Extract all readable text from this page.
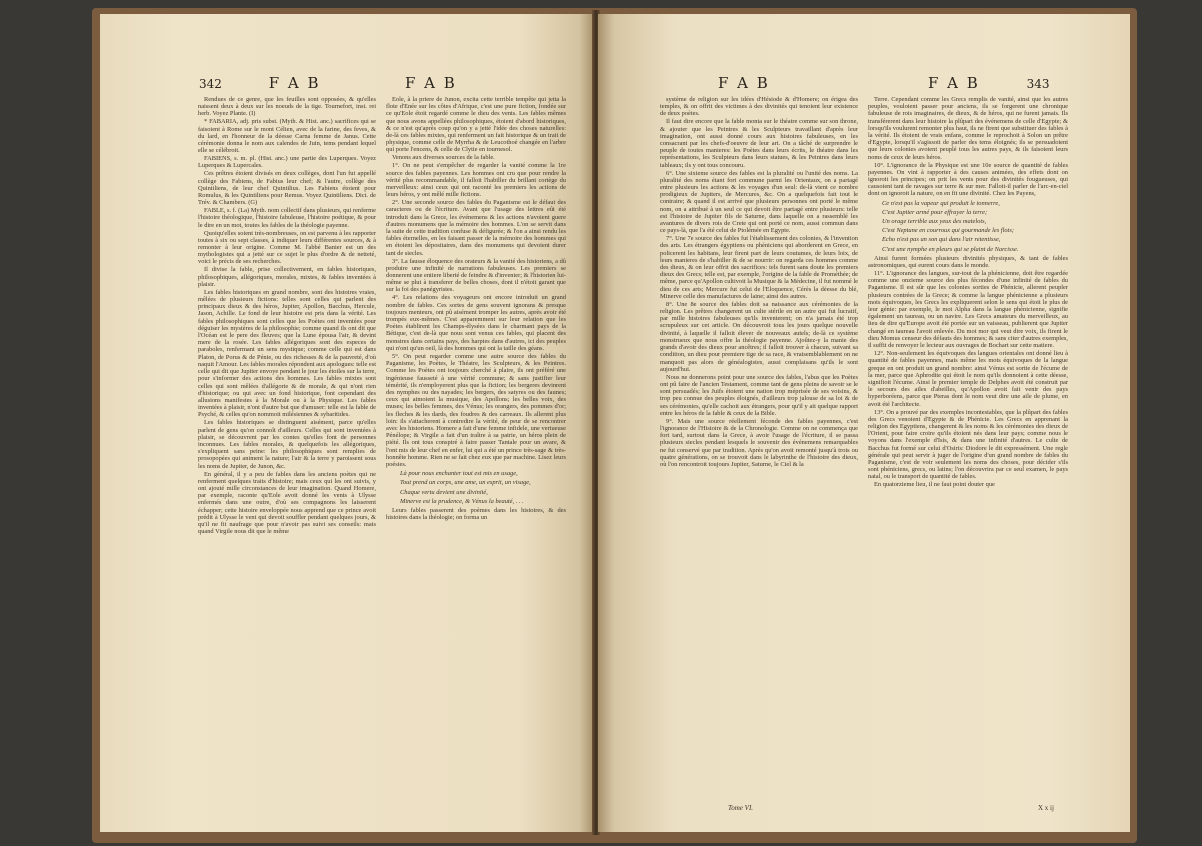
342	F A B	F A B

Rendues de ce genre, que les feuilles sont opposées, & qu'elles naissent deux à deux sur les noeuds de la tige. Tournefort, inst. rei herb. Voyez Plante. (I)

* FABARIA, adj. pris subst. (Myth. & Hist. anc.) sacrifices qui se faisoient à Rome sur le mont Célien, avec de la farine, des feves, & du lard, en l'honneur de la déesse Carna femme de Janus. Cette cérémonie donna le nom aux calendes de Juin, tems pendant lequel elle se célébroit.

FABIENS, s. m. pl. (Hist. anc.) une partie des Luperques. Voyez Luperques & Lupercales.

Ces prêtres étoient divisés en deux collèges, dont l'un fut appellé collège des Fabiens, de Fabius leur chef; & l'autre, collège des Quintiliens, de leur chef Quintilius. Les Fabiens étoient pour Romulus, & les Quintiliens pour Remus. Voyez Quintiliens. Dict. de Trév. & Chambers. (G)

FABLE, s. f. (La) Myth. nom collectif dans plusieurs, qui renferme l'histoire théologique, l'histoire fabuleuse, l'histoire poétique, & pour le dire en un mot, toutes les fables de la théologie payenne.

Quoiqu'elles soient très-nombreuses, on est parvenu à les rapporter toutes à six ou sept classes, à indiquer leurs différentes sources, & à remonter à leur origine. Comme M. l'abbé Banier est un des mythologistes qui a jetté sur ce sujet le plus d'ordre & de netteté, voici le précis de ses recherches.

Il divise la fable, prise collectivement, en fables historiques, philosophiques, allégoriques, morales, mixtes, & fables inventées à plaisir.

Les fables historiques en grand nombre, sont des histoires vraies, mêlées de plusieurs fictions: telles sont celles qui parlent des principaux dieux & des héros, Jupiter, Apollon, Bacchus, Hercule, Jason, Achille. Le fond de leur histoire est pris dans la vérité. Les fables philosophiques sont celles que les Poètes ont inventées pour déguiser les mystères de la philosophie; comme quand ils ont dit que l'Océan est le pere des fleuves; que la Lune épousa l'air, & devint mere de la rosée. Les fables allégoriques sont des especes de paraboles, renfermant un sens mystique; comme celle qui est dans Platon, de Porus & de Pénie, ou des richesses & de la pauvreté, d'où naquit l'Amour. Les fables morales répondent aux apologues: telle est celle qui dit que Jupiter envoye pendant le jour les étoiles sur la terre, pour s'informer des actions des hommes. Les fables mixtes sont celles qui sont mêlées d'allégorie & de morale, & qui n'ont rien d'historique; ou qui avec un fond historique, font cependant des allusions manifestes à la Morale ou à la Physique. Les fables inventées à plaisir, n'ont d'autre but que d'amuser: telle est la fable de Psyché, & celles qu'on nommoit milésiennes & sybaritides.

Les fables historiques se distinguent aisément, parce qu'elles parlent de gens qu'on connoît d'ailleurs. Celles qui sont inventées à plaisir, se découvrent par les contes qu'elles font de personnes inconnues. Les fables morales, & quelquefois les allégoriques, s'expliquent sans peine: les philosophiques sont remplies de prosopopées qui animent la nature; l'air & la terre y paroissent sous les noms de Jupiter, de Junon, &c.

En général, il y a peu de fables dans les anciens poètes qui ne renferment quelques traits d'histoire; mais ceux qui les ont suivis, y ont ajouté mille circonstances de leur imagination. Quand Homere, par exemple, raconte qu'Eole avoit donné les vents à Ulysse enfermés dans une outre, d'où ses compagnons les laisserent échapper; cette histoire enveloppée nous apprend que ce prince avoit prédit à Ulysse le vent qui devoit souffler pendant quelques jours, & qu'il ne fit naufrage que pour n'avoir pas suivi ses conseils: mais quand Virgile nous dit que le même

Eole, à la priere de Junon, excita cette terrible tempête qui jetta la flote d'Enée sur les côtes d'Afrique, c'est une pure fiction, fondée sur ce qu'Eole étoit regardé comme le dieu des vents. Les fables mêmes que nous avons appellées philosophiques, étoient d'abord historiques, & ce n'est qu'après coup qu'on y a jetté l'idée des choses naturelles: de-là ces fables mixtes, qui renferment un fait historique & un trait de physique, comme celle de Myrrha & de Leucothoé changée en l'arbre qui porte l'encens, & celle de Clytie en tournesol.

Venons aux diverses sources de la fable.

1°. On ne peut s'empêcher de regarder la vanité comme la 1re source des fables payennes. Les hommes ont cru que pour rendre la vérité plus recommandable, il falloit l'habiller du brillant cortège du merveilleux: ainsi ceux qui ont raconté les premiers les actions de leurs héros, y ont mêlé mille fictions.

2°. Une seconde source des fables du Paganisme est le défaut des caracteres ou de l'écriture. Avant que l'usage des lettres eût été introduit dans la Grece, les événemens & les actions n'avoient guere d'autres monumens que la mémoire des hommes. L'on se servit dans la suite de cette tradition confuse & défigurée; & l'on a ainsi rendu les fables éternelles, en les faisant passer de la mémoire des hommes qui en étoient les dépositaires, dans des monumens qui devoient durer tant de siecles.

3°. La fausse éloquence des orateurs & la vanité des historiens, a dû produire une infinité de narrations fabuleuses. Les premiers se donnerent une entiere liberté de feindre & d'inventer; & l'historien lui-même se plut à transferer de belles choses, dont il n'étoit garant que sur la foi des panégyristes.

4°. Les relations des voyageurs ont encore introduit un grand nombre de fables. Ces sortes de gens souvent ignorans & presque toujours menteurs, ont pû aisément tromper les autres, après avoir été trompés eux-mêmes. C'est apparemment sur leur relation que les Poètes établirent les Champs-élysées dans le charmant pays de la Bétique, c'est de-là que nous sont venus ces fables, qui placent des monstres dans certains pays, des harpies dans d'autres, ici des peuples qui n'ont qu'un oeil, là des hommes qui ont la taille des géans.

5°. On peut regarder comme une autre source des fables du Paganisme, les Poètes, le Théatre, les Sculpteurs, & les Peintres. Comme les Poètes ont toujours cherché à plaire, ils ont préféré une ingénieuse fausseté à une vérité commune; & sans justifier leur témérité, ils n'employerent plus que la fiction; les bergeres devinrent des nymphes ou des nayades; les bergers, des satyres ou des faunes; ceux qui aimoient la musique, des Apollons; les belles voix, des muses; les belles femmes, des Vénus; les orangers, des pommes d'or; les fleches & les dards, des foudres & des carreaux. Ils allerent plus loin: ils s'attacherent à contredire la vérité, de peur de se rencontrer avec les historiens. Homere a fait d'une femme infidele, une vertueuse Pénélope; & Virgile a fait d'un traître à sa patrie, un héros plein de piété. Ils ont tous conspiré à faire passer Tantale pour un avare, & l'ont mis de leur chef en enfer, lui qui a été un prince très-sage & très-honnête homme. Rien ne se fait chez eux que par machine. Lisez leurs poésies.

Là pour nous enchanter tout est mis en usage,

Tout prend un corps, une ame, un esprit, un visage,

Chaque vertu devient une divinité,

Minerve est la prudence, & Vénus la beauté, . . .

Leurs fables passerent des poèmes dans les histoires, & des histoires dans la théologie; on forma un

F A B	F A B	343

système de religion sur les idées d'Hésiode & d'Homere; on érigea des temples, & on offrit des victimes à des divinités qui tenoient leur existence de deux poètes.

Il faut dire encore que la fable monta sur le théatre comme sur son throne, & ajouter que les Peintres & les Sculpteurs travaillant d'après leur imagination, ont aussi donné cours aux histoires fabuleuses, en les consacrant par les chefs-d'oeuvre de leur art. On a tâché de surprendre le peuple de toutes manieres: les Poètes dans leurs écrits, le théatre dans les représentations, les Sculpteurs dans leurs statues, & les Peintres dans leurs tableaux; ils y ont tous concouru.

6°. Une sixieme source des fables est la pluralité ou l'unité des noms. La pluralité des noms étant fort commune parmi les Orientaux, on a partagé entre plusieurs les actions & les voyages d'un seul: de-là vient ce nombre prodigieux de Jupiters, de Mercures, &c. On a quelquefois fait tout le contraire; & quand il est arrivé que plusieurs personnes ont porté le même nom, on a attribué à un seul ce qui devoit être partagé entre plusieurs: telle est l'histoire de Jupiter fils de Saturne, dans laquelle on a rassemblé les avantures de divers rois de Crete qui ont porté ce nom, aussi commun dans ce pays-là, que l'a été celui de Ptolémée en Egypte.

7°. Une 7e source des fables fut l'établissement des colonies, & l'invention des arts. Les étrangers égyptiens ou phéniciens qui aborderent en Grece, en policerent les habitans, leur firent part de leurs coutumes, de leurs loix, de leurs manieres de s'habiller & de se nourrir: on regarda ces hommes comme des dieux, & on leur offrit des sacrifices: tels furent sans doute les premiers dieux des Grecs; telle est, par exemple, l'origine de la fable de Prométhée; de même, parce qu'Apollon cultivoit la Musique & la Médecine, il fut nommé le dieu de ces arts; Mercure fut celui de l'Eloquence, Cérès la déesse du blé, Minerve celle des manufactures de laine; ainsi des autres.

8°. Une 8e source des fables doit sa naissance aux cérémonies de la religion. Les prêtres changerent un culte stérile en un autre qui fut lucratif, par mille histoires fabuleuses qu'ils inventerent; on n'a jamais été trop scrupuleux sur cet article. On découvroit tous les jours quelque nouvelle divinité, à laquelle il falloit élever de nouveaux autels; de-là ce système monstrueux que nous offre la théologie payenne. Ajoûtez-y la manie des grands d'avoir des dieux pour ancêtres; il falloit trouver à chacun, suivant sa condition, un dieu pour premiere tige de sa race, & vraisemblablement on ne manquoit pas alors de généalogistes, aussi complaisans qu'ils le sont aujourd'hui.

Nous ne donnerons point pour une source des fables, l'abus que les Poètes ont pû faire de l'ancien Testament, comme tant de gens pleins de savoir se le sont persuadés; les Juifs étoient une nation trop méprisée de ses voisins, & trop peu connue des peuples éloignés, d'ailleurs trop jalouse de sa loi & de ses cérémonies, qu'elle cachoit aux étrangers, pour qu'il y ait quelque rapport entre les héros de la fable & ceux de la Bible.

9°. Mais une source réellement féconde des fables payennes, c'est l'ignorance de l'Histoire & de la Chronologie. Comme on ne commença que fort tard, surtout dans la Grece, à avoir l'usage de l'écriture, il se passa plusieurs siecles pendant lesquels le souvenir des événemens remarquables ne fut conservé que par tradition. Après qu'on avoit remonté jusqu'à trois ou quatre générations, on se trouvoit dans le labyrinthe de l'histoire des dieux, où l'on rencontroit toujours Jupiter, Saturne, le Ciel & la

Terre. Cependant comme les Grecs remplis de vanité, ainsi que les autres peuples, vouloient passer pour anciens, ils se forgerent une chronique fabuleuse de rois imaginaires, de dieux, & de héros, qui ne furent jamais. Ils transférerent dans leur histoire la plûpart des événemens de celle d'Egypte; & lorsqu'ils voulurent remonter plus haut, ils ne firent que substituer des fables à la vérité. Ils étoient de vrais enfans, comme le reprochoit à Solon un prêtre d'Egypte, lorsqu'il s'agissoit de parler des tems éloignés; ils se persuadoient que leurs colonies avoient peuplé tous les autres pays, & ils faisoient leurs noms de ceux de leurs héros.

10°. L'ignorance de la Physique est une 10e source de quantité de fables payennes. On vint à rapporter à des causes animées, des effets dont on ignoroit les principes; on prit les vents pour des divinités fougueuses, qui causoient tant de ravages sur terre & sur mer. Falloit-il parler de l'arc-en-ciel dont on ignoroit la nature, on en fit une divinité. Chez les Payens,

Ce n'est pas la vapeur qui produit le tonnerre,

C'est Jupiter armé pour effrayer la terre;

Un orage terrible aux yeux des matelots,

C'est Neptune en courroux qui gourmande les flots;

Echo n'est pas un son qui dans l'air retentisse,

C'est une nymphe en pleurs qui se plaint de Narcisse.

Ainsi furent formées plusieurs divinités physiques, & tant de fables astronomiques, qui eurent cours dans le monde.

11°. L'ignorance des langues, sur-tout de la phénicienne, doit être regardée comme une onzieme source des plus fécondes d'une infinité de fables du Paganisme. Il est sûr que les colonies sorties de Phénicie, allerent peupler plusieurs contrées de la Grece; & comme la langue phénicienne a plusieurs mots équivoques, les Grecs les expliquerent selon le sens qui étoit le plus de leur génie: par exemple, le mot Alpha dans la langue phénicienne, signifie également un taureau, ou un navire. Les Grecs amateurs du merveilleux, au lieu de dire qu'Europe avoit été portée sur un vaisseau, publierent que Jupiter changé en taureau l'avoit enlevée. Du mot mor qui veut dire voix, ils firent le dieu Momus censeur des défauts des hommes; & sans citer d'autres exemples, il suffit de renvoyer le lecteur aux ouvrages de Bochart sur cette matiere.

12°. Non-seulement les équivoques des langues orientales ont donné lieu à quantité de fables payennes, mais même les mots équivoques de la langue greque en ont produit un grand nombre: ainsi Vénus est sortie de l'écume de la mer, parce que Aphrodite qui étoit le nom qu'ils donnoient à cette déesse, signifioit l'écume. Ainsi le premier temple de Delphes avoit été construit par le secours des ailes d'abeilles, qu'Apollon avoit fait venir des pays hyperboréens, parce que Pteras dont le nom veut dire une aile de plume, en avoit été l'architecte.

13°. On a prouvé par des exemples incontestables, que la plûpart des fables des Grecs venoient d'Egypte & de Phénicie. Les Grecs en apprenant la religion des Egyptiens, changerent & les noms & les cérémonies des dieux de l'Orient, pour faire croire qu'ils étoient nés dans leur pays; comme nous le voyons dans l'exemple d'Isis, & dans une infinité d'autres. Le culte de Bacchus fut formé sur celui d'Osiris: Diodore le dit expressément. Une regle générale qui peut servir à juger de l'origine d'un grand nombre de fables du Paganisme, c'est de voir seulement les noms des choses, pour décider s'ils sont phéniciens, grecs, ou latins; l'on découvrira par ce seul examen, le pays natal, ou le transport de quantité de fables.

En quatorzieme lieu, il ne faut point douter que

Tome VI.	X x ij
